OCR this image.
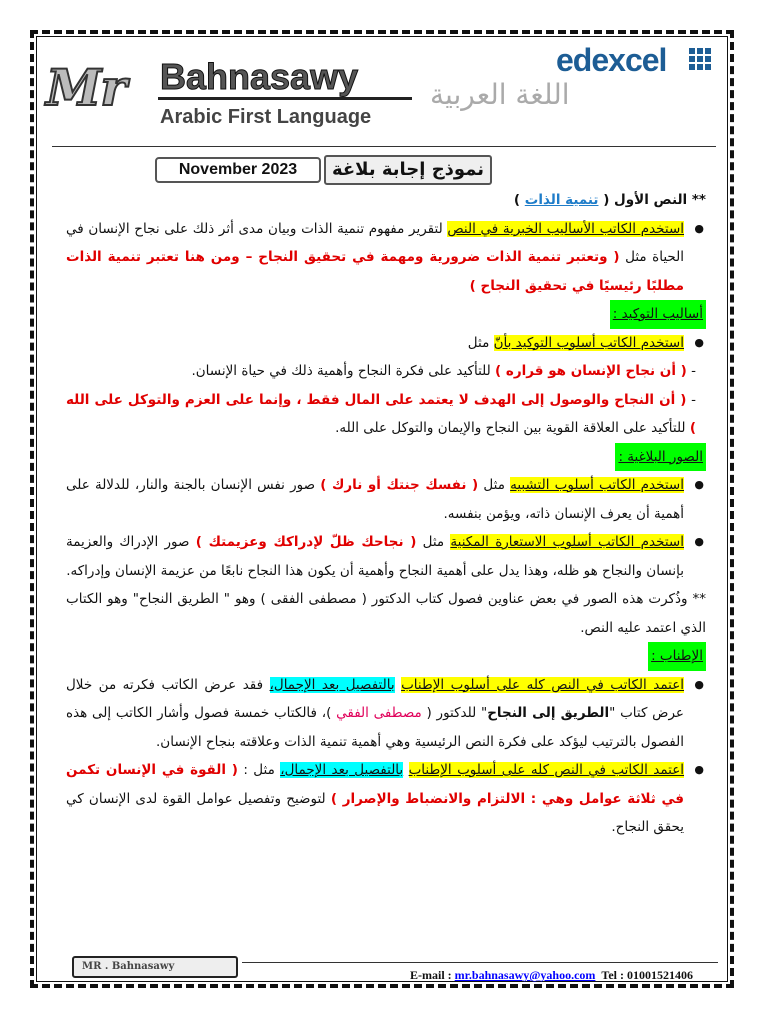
Mr Bahnasawy
Arabic First Language
اللغة العربية
edexcel
November 2023	نموذج إجابة بلاغة

** النص الأول ( تنمية الذات )

● استخدم الكاتب الأساليب الخبرية في النص لتقرير مفهوم تنمية الذات وبيان مدى أثر ذلك على نجاح الإنسان في الحياة مثل ( وتعتبر تنمية الذات ضرورية ومهمة في تحقيق النجاح – ومن هنا تعتبر تنمية الذات مطلبًا رئيسيًا في تحقيق النجاح )

أساليب التوكيد :

● استخدم الكاتب أسلوب التوكيد بأنّ مثل

- ( أن نجاح الإنسان هو قراره ) للتأكيد على فكرة النجاح وأهمية ذلك في حياة الإنسان.

- ( أن النجاح والوصول إلى الهدف لا يعتمد على المال فقط ، وإنما على العزم والتوكل على الله ) للتأكيد على العلاقة القوية بين النجاح والإيمان والتوكل على الله.

الصور البلاغية :

● استخدم الكاتب أسلوب التشبيه مثل ( نفسك جنتك أو نارك ) صور نفس الإنسان بالجنة والنار، للدلالة على أهمية أن يعرف الإنسان ذاته، ويؤمن بنفسه.

● استخدم الكاتب أسلوب الاستعارة المكنية مثل ( نجاحك ظلّ لإدراكك وعزيمتك ) صور الإدراك والعزيمة بإنسان والنجاح هو ظله، وهذا يدل على أهمية النجاح وأهمية أن يكون هذا النجاح نابعًا من عزيمة الإنسان وإدراكه.

** وذُكرت هذه الصور في بعض عناوين فصول كتاب الدكتور ( مصطفى الفقى ) وهو " الطريق النجاح" وهو الكتاب الذي اعتمد عليه النص.

الإطناب :

● اعتمد الكاتب في النص كله على أسلوب الإطناب بالتفصيل بعد الإجمال، فقد عرض الكاتب فكرته من خلال عرض كتاب "الطريق إلى النجاح" للدكتور ( مصطفى الفقي )، فالكتاب خمسة فصول وأشار الكاتب إلى هذه الفصول بالترتيب ليؤكد على فكرة النص الرئيسية وهي أهمية تنمية الذات وعلاقته بنجاح الإنسان.

● اعتمد الكاتب في النص كله على أسلوب الإطناب بالتفصيل بعد الإجمال، مثل : ( القوة في الإنسان تكمن في ثلاثة عوامل وهي : الالتزام والانضباط والإصرار ) لتوضيح وتفصيل عوامل القوة لدى الإنسان كي يحقق النجاح.

MR . Bahnasawy
E-mail : mr.bahnasawy@yahoo.com Tel : 01001521406
